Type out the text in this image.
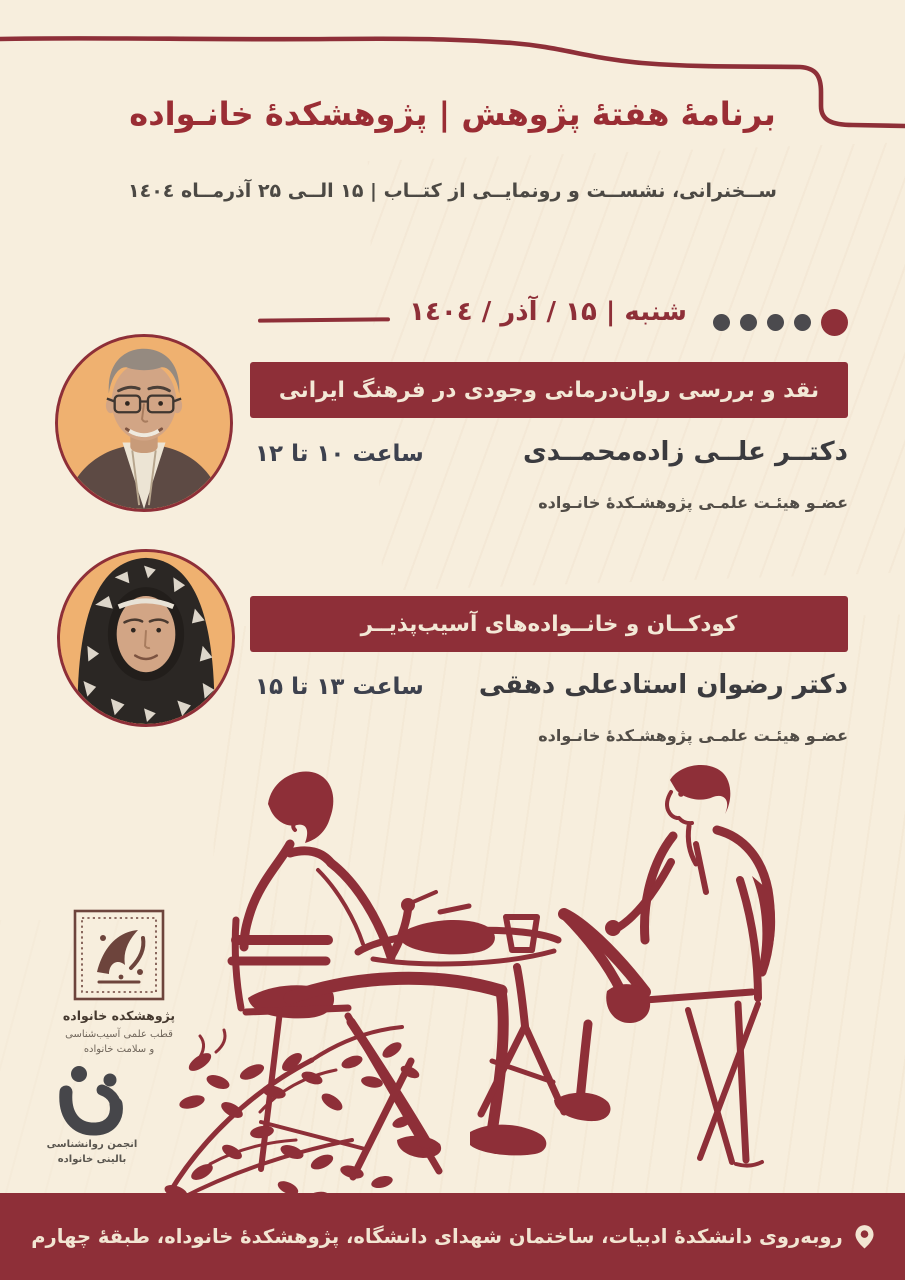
برنامۀ هفتۀ پژوهش | پژوهشکدۀ خانـواده
ســخنرانی، نشســت و رونمایــی از کتــاب | ۱۵ الــی ۲۵ آذرمــاه ۱٤۰٤
شنبه | ۱۵ / آذر / ۱٤۰٤
نقد و بررسی روان‌درمانی وجودی در فرهنگ ایرانی
دکتــر علــی زاده‌محمــدی
ساعت ۱۰ تا ۱۲
عضـو هیئـت علمـی پژوهشـکدۀ خانـواده
کودکــان و خانــواده‌های آسیب‌پذیــر
دکتر رضوان استادعلی دهقی
ساعت ۱۳ تا ۱۵
عضـو هیئـت علمـی پژوهشـکدۀ خانـواده
پژوهشکده خانواده
قطب علمی آسیب‌شناسی
و سلامت خانواده
انجمن روانشناسی
بالینی خانواده
روبه‌روی دانشکدۀ ادبیات، ساختمان شهدای دانشگاه، پژوهشکدۀ خانوداه، طبقۀ چهارم
